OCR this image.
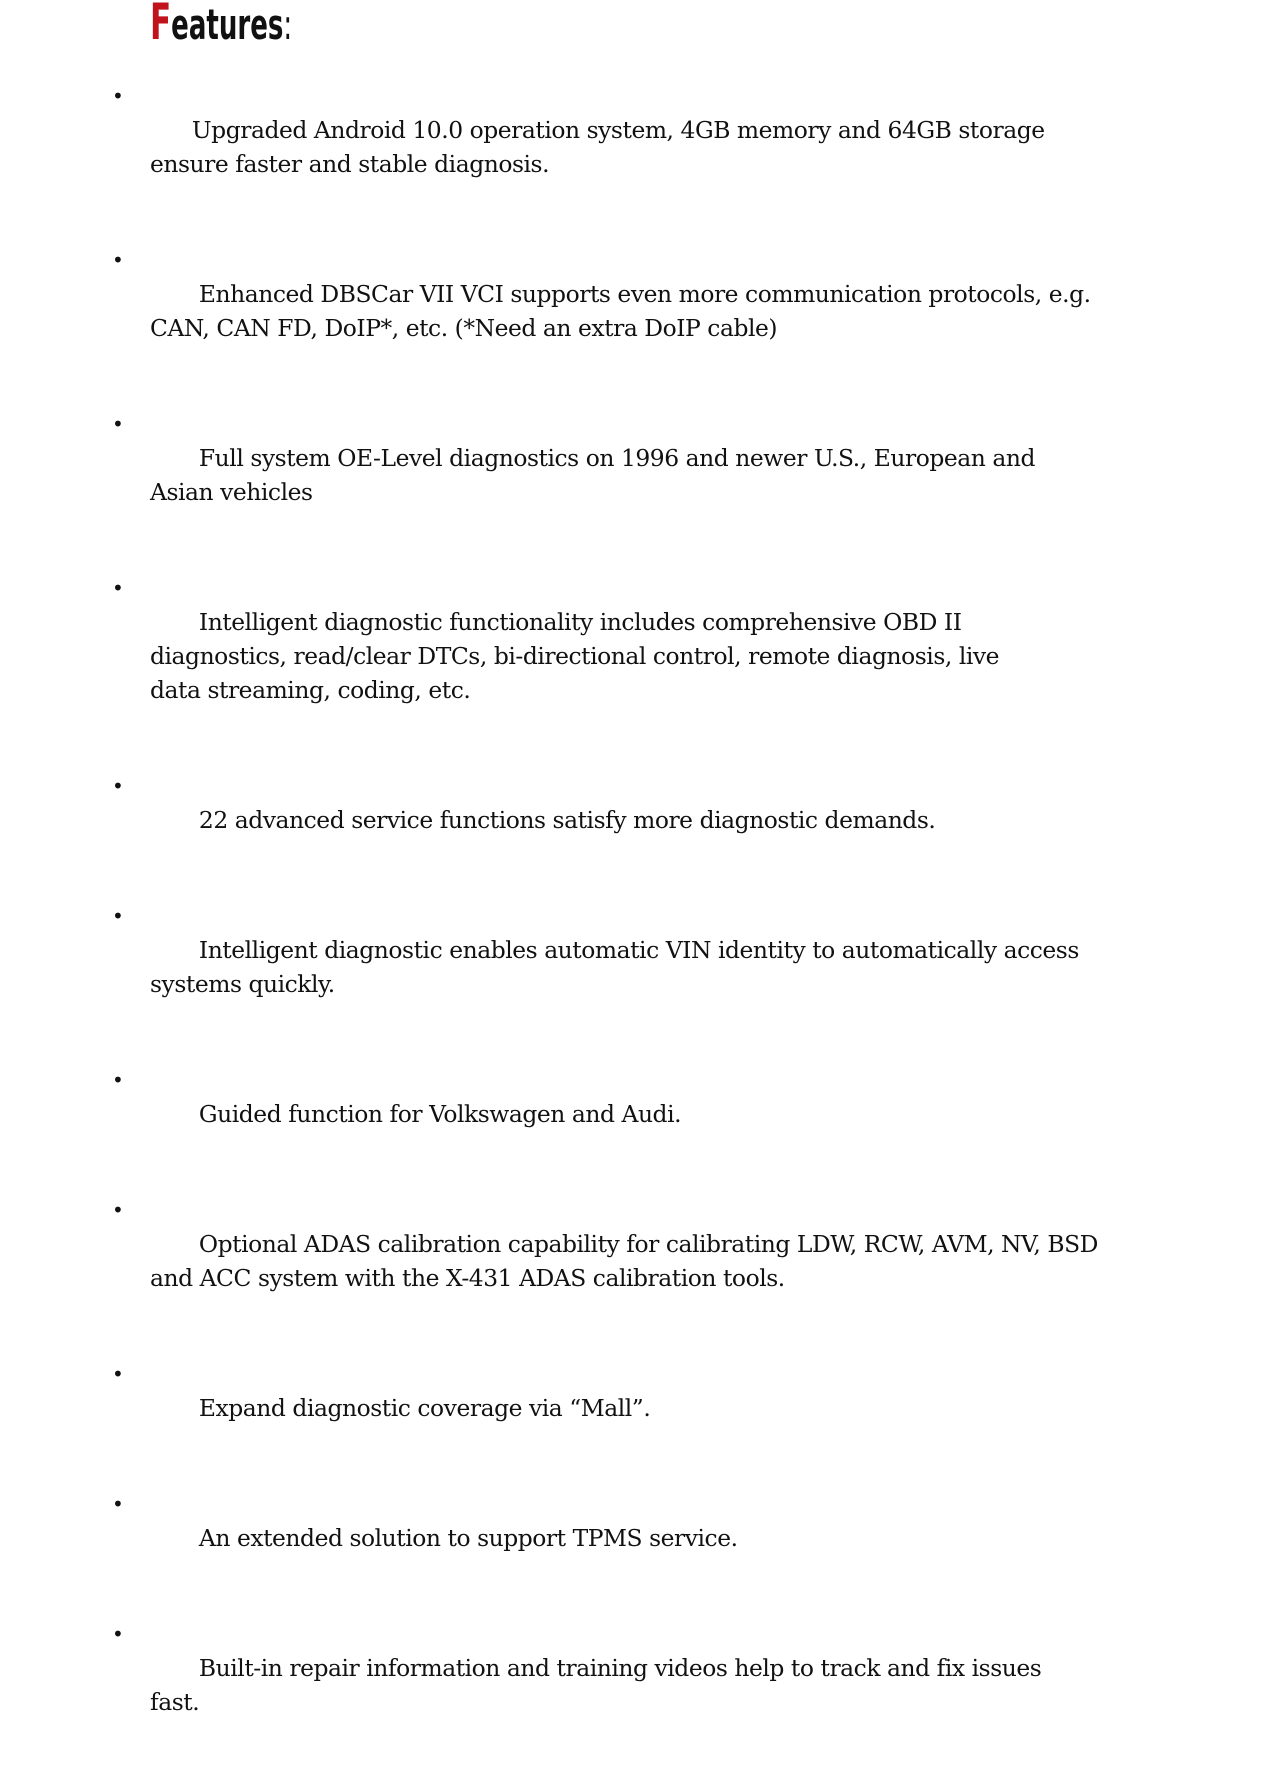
Features:

•
Upgraded Android 10.0 operation system, 4GB memory and 64GB storage
ensure faster and stable diagnosis.

•
Enhanced DBSCar VII VCI supports even more communication protocols, e.g.
CAN, CAN FD, DoIP*, etc. (*Need an extra DoIP cable)

•
Full system OE-Level diagnostics on 1996 and newer U.S., European and
Asian vehicles

•
Intelligent diagnostic functionality includes comprehensive OBD II
diagnostics, read/clear DTCs, bi-directional control, remote diagnosis, live
data streaming, coding, etc.

•
22 advanced service functions satisfy more diagnostic demands.

•
Intelligent diagnostic enables automatic VIN identity to automatically access
systems quickly.

•
Guided function for Volkswagen and Audi.

•
Optional ADAS calibration capability for calibrating LDW, RCW, AVM, NV, BSD
and ACC system with the X-431 ADAS calibration tools.

•
Expand diagnostic coverage via “Mall”.

•
An extended solution to support TPMS service.

•
Built-in repair information and training videos help to track and fix issues
fast.
